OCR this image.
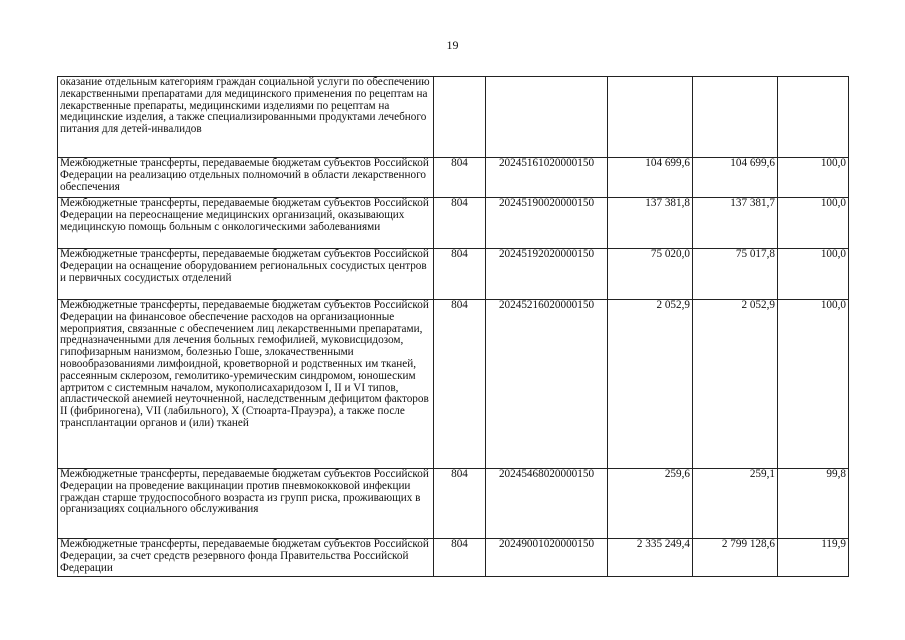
19
оказание отдельным категориям граждан социальной услуги по обеспечению лекарственными препаратами для медицинского применения по рецептам на лекарственные препараты, медицинскими изделиями по рецептам на медицинские изделия, а также специализированными продуктами лечебного питания для детей-инвалидов					
Межбюджетные трансферты, передаваемые бюджетам субъектов Российской Федерации на реализацию отдельных полномочий в области лекарственного обеспечения	804	20245161020000150	104 699,6	104 699,6	100,0
Межбюджетные трансферты, передаваемые бюджетам субъектов Российской Федерации на переоснащение медицинских организаций, оказывающих медицинскую помощь больным с онкологическими заболеваниями	804	20245190020000150	137 381,8	137 381,7	100,0
Межбюджетные трансферты, передаваемые бюджетам субъектов Российской Федерации на оснащение оборудованием региональных сосудистых центров и первичных сосудистых отделений	804	20245192020000150	75 020,0	75 017,8	100,0
Межбюджетные трансферты, передаваемые бюджетам субъектов Российской Федерации на финансовое обеспечение расходов на организационные мероприятия, связанные с обеспечением лиц лекарственными препаратами, предназначенными для лечения больных гемофилией, муковисцидозом, гипофизарным нанизмом, болезнью Гоше, злокачественными новообразованиями лимфоидной, кроветворной и родственных им тканей, рассеянным склерозом, гемолитико-уремическим синдромом, юношеским артритом с системным началом, мукополисахаридозом I, II и VI типов, апластической анемией неуточненной, наследственным дефицитом факторов II (фибриногена), VII (лабильного), X (Стюарта-Прауэра), а также после трансплантации органов и (или) тканей	804	20245216020000150	2 052,9	2 052,9	100,0
Межбюджетные трансферты, передаваемые бюджетам субъектов Российской Федерации на проведение вакцинации против пневмококковой инфекции граждан старше трудоспособного возраста из групп риска, проживающих в организациях социального обслуживания	804	20245468020000150	259,6	259,1	99,8
Межбюджетные трансферты, передаваемые бюджетам субъектов Российской Федерации, за счет средств резервного фонда Правительства Российской Федерации	804	20249001020000150	2 335 249,4	2 799 128,6	119,9
